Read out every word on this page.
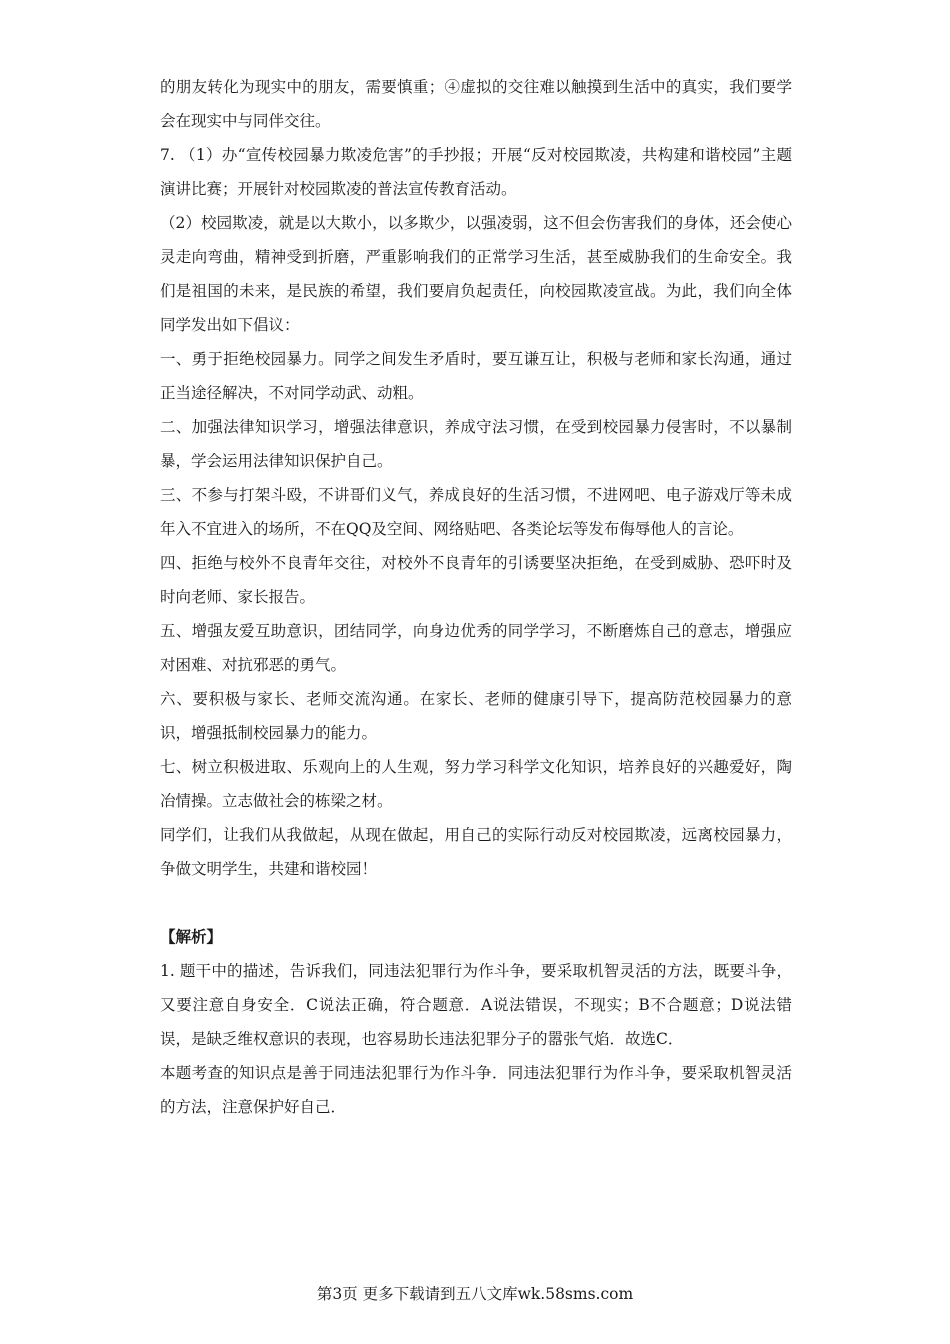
的朋友转化为现实中的朋友，需要慎重；④虚拟的交往难以触摸到生活中的真实，我们要学会在现实中与同伴交往。

7. （1）办“宣传校园暴力欺凌危害”的手抄报；开展“反对校园欺凌，共构建和谐校园”主题演讲比赛；开展针对校园欺凌的普法宣传教育活动。

（2）校园欺凌，就是以大欺小，以多欺少，以强凌弱，这不但会伤害我们的身体，还会使心灵走向弯曲，精神受到折磨，严重影响我们的正常学习生活，甚至威胁我们的生命安全。我们是祖国的未来，是民族的希望，我们要肩负起责任，向校园欺凌宣战。为此，我们向全体同学发出如下倡议：

一、勇于拒绝校园暴力。同学之间发生矛盾时，要互谦互让，积极与老师和家长沟通，通过正当途径解决，不对同学动武、动粗。

二、加强法律知识学习，增强法律意识，养成守法习惯，在受到校园暴力侵害时，不以暴制暴，学会运用法律知识保护自己。

三、不参与打架斗殴，不讲哥们义气，养成良好的生活习惯，不进网吧、电子游戏厅等未成年入不宜进入的场所，不在QQ及空间、网络贴吧、各类论坛等发布侮辱他人的言论。

四、拒绝与校外不良青年交往，对校外不良青年的引诱要坚决拒绝，在受到威胁、恐吓时及时向老师、家长报告。

五、增强友爱互助意识，团结同学，向身边优秀的同学学习，不断磨炼自己的意志，增强应对困难、对抗邪恶的勇气。

六、要积极与家长、老师交流沟通。在家长、老师的健康引导下，提高防范校园暴力的意识，增强抵制校园暴力的能力。

七、树立积极进取、乐观向上的人生观，努力学习科学文化知识，培养良好的兴趣爱好，陶冶情操。立志做社会的栋梁之材。

同学们，让我们从我做起，从现在做起，用自己的实际行动反对校园欺凌，远离校园暴力，争做文明学生，共建和谐校园！

【解析】

1. 题干中的描述，告诉我们，同违法犯罪行为作斗争，要采取机智灵活的方法，既要斗争，又要注意自身安全．C说法正确，符合题意．A说法错误，不现实；B不合题意；D说法错误，是缺乏维权意识的表现，也容易助长违法犯罪分子的嚣张气焰．故选C．

本题考查的知识点是善于同违法犯罪行为作斗争．同违法犯罪行为作斗争，要采取机智灵活的方法，注意保护好自己．

第3页 更多下载请到五八文库wk.58sms.com
